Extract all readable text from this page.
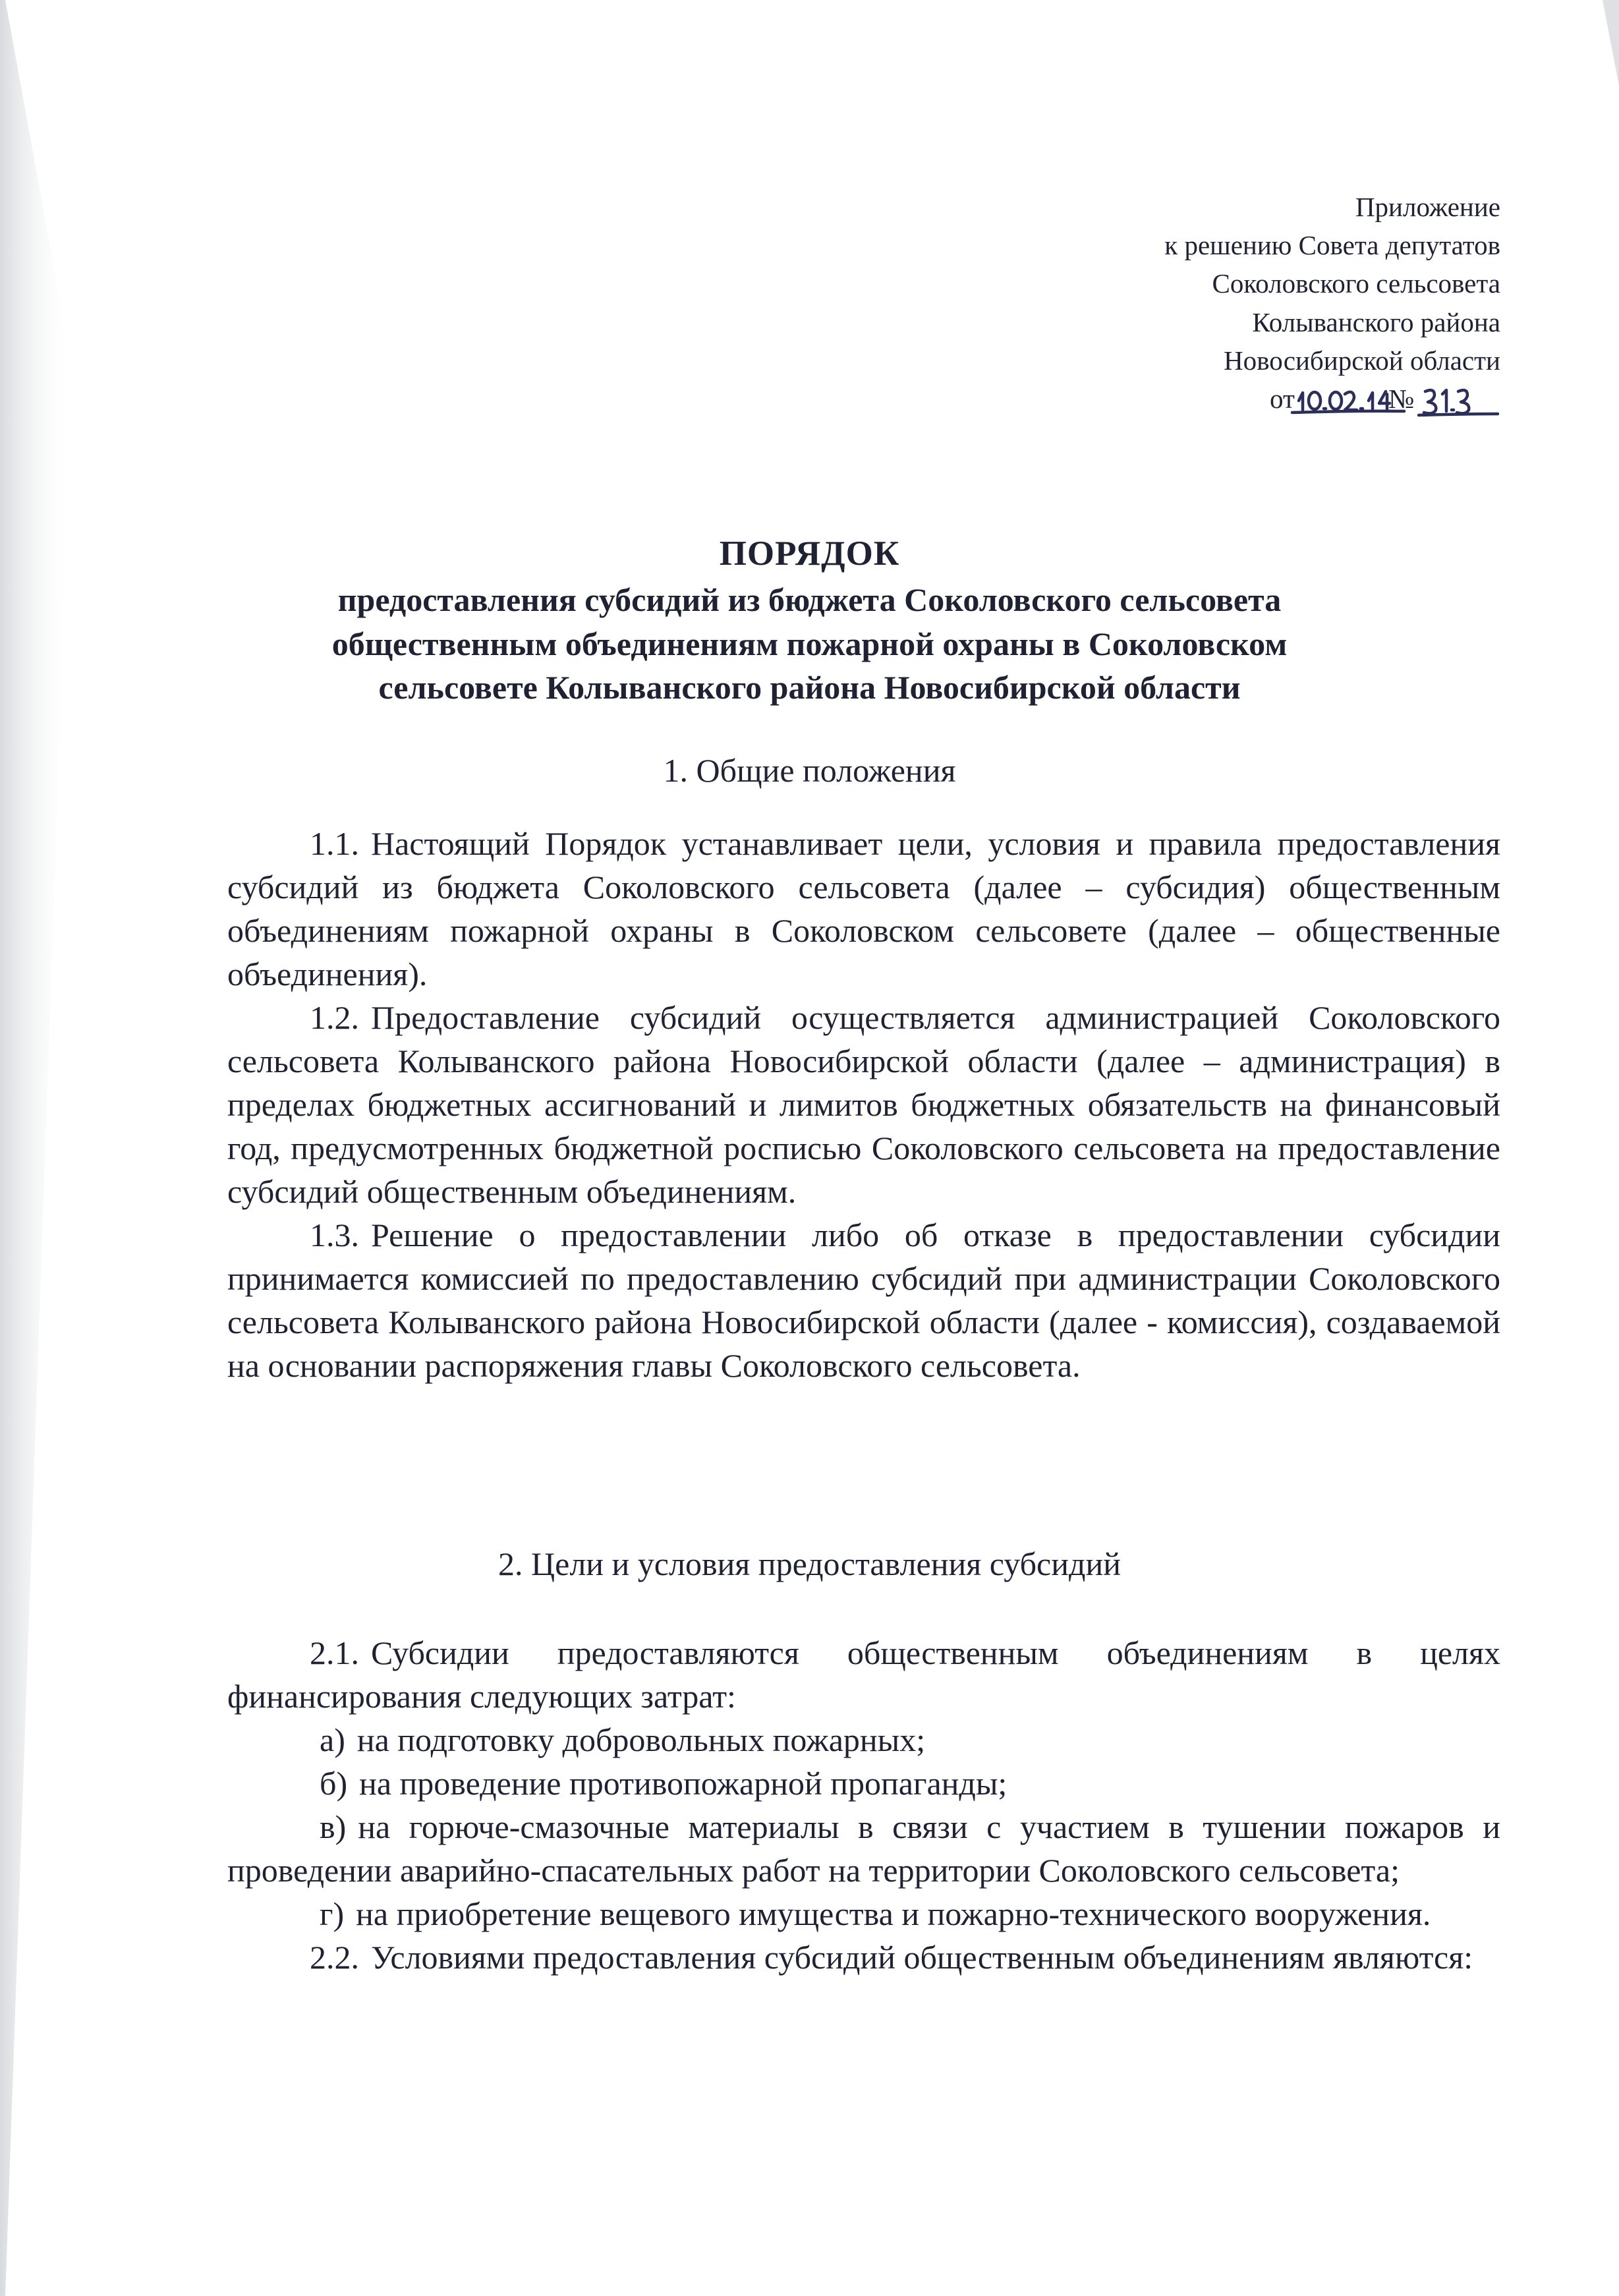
Приложение
к решению Совета депутатов
Соколовского сельсовета
Колыванского района
Новосибирской области
от	№
ПОРЯДОК
предоставления субсидий из бюджета Соколовского сельсовета
общественным объединениям пожарной охраны в Соколовском
сельсовете Колыванского района Новосибирской области
1. Общие положения

1.1. Настоящий Порядок устанавливает цели, условия и правила предоставления субсидий из бюджета Соколовского сельсовета (далее – субсидия) общественным объединениям пожарной охраны в Соколовском сельсовете (далее – общественные объединения).

1.2. Предоставление субсидий осуществляется администрацией Соколовского сельсовета Колыванского района Новосибирской области (далее – администрация) в пределах бюджетных ассигнований и лимитов бюджетных обязательств на финансовый год, предусмотренных бюджетной росписью Соколовского сельсовета на предоставление субсидий общественным объединениям.

1.3. Решение о предоставлении либо об отказе в предоставлении субсидии принимается комиссией по предоставлению субсидий при администрации Соколовского сельсовета Колыванского района Новосибирской области (далее - комиссия), создаваемой на основании распоряжения главы Соколовского сельсовета.

2. Цели и условия предоставления субсидий

2.1. Субсидии предоставляются общественным объединениям в целях финансирования следующих затрат:

а) на подготовку добровольных пожарных;

б) на проведение противопожарной пропаганды;

в) на горюче-смазочные материалы в связи с участием в тушении пожаров и проведении аварийно-спасательных работ на территории Соколовского сельсовета;

г) на приобретение вещевого имущества и пожарно-технического вооружения.

2.2. Условиями предоставления субсидий общественным объединениям являются:
